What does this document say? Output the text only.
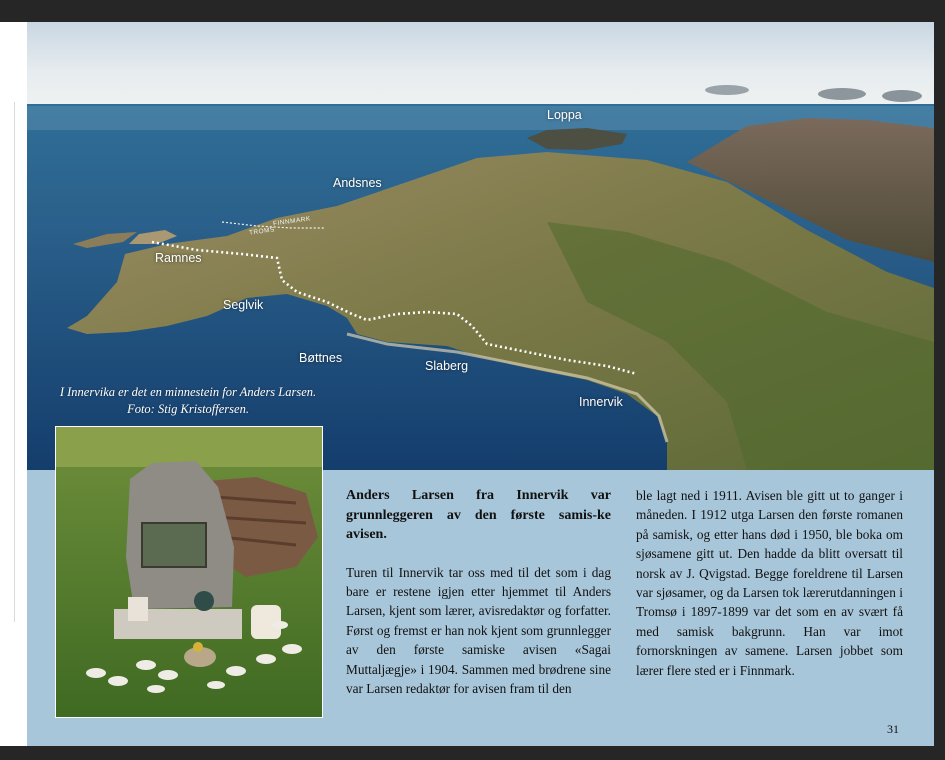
Loppa
Andsnes
Ramnes
Seglvik
Bøttnes
Slaberg
Innervik
FINNMARK
TROMS
I Innervika er det en minnestein for Anders Larsen.
Foto: Stig Kristoffersen.

Anders Larsen fra Innervik var grunnleggeren av den første samis-ke avisen.

Turen til Innervik tar oss med til det som i dag bare er restene igjen etter hjemmet til Anders Larsen, kjent som lærer, avisredaktør og forfatter. Først og fremst er han nok kjent som grunnlegger av den første samiske avisen «Sagai Muttaljægje» i 1904. Sammen med brødrene sine var Larsen redaktør for avisen fram til den

ble lagt ned i 1911. Avisen ble gitt ut to ganger i måneden. I 1912 utga Larsen den første romanen på samisk, og etter hans død i 1950, ble boka om sjøsamene gitt ut. Den hadde da blitt oversatt til norsk av J. Qvigstad. Begge foreldrene til Larsen var sjøsamer, og da Larsen tok lærerutdanningen i Tromsø i 1897-1899 var det som en av svært få med samisk bakgrunn. Han var imot fornorskningen av samene. Larsen jobbet som lærer flere sted er i Finnmark.

31
